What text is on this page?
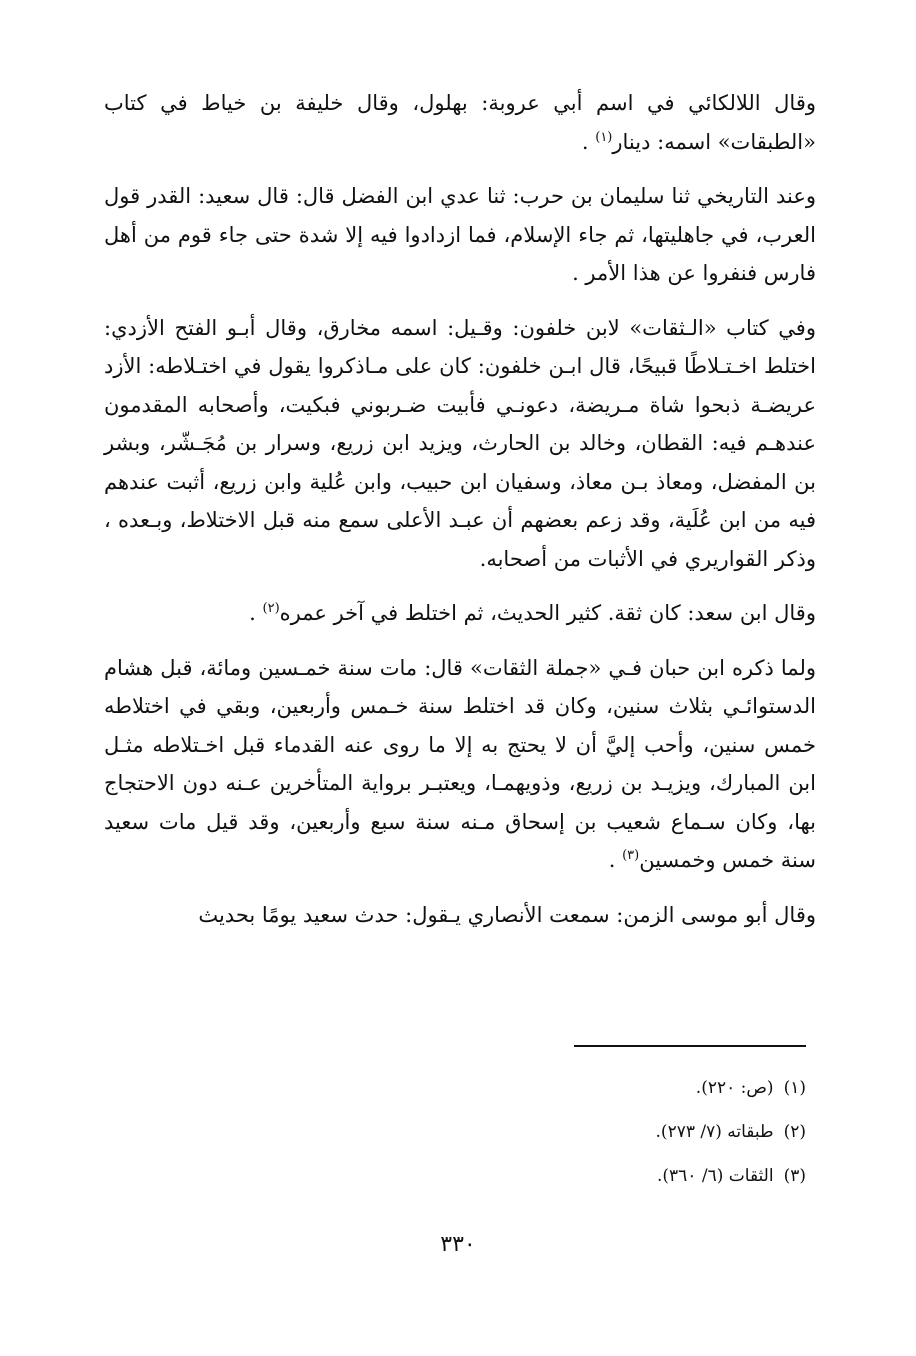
وقال اللالكائي في اسم أبي عروبة: بهلول، وقال خليفة بن خياط في كتاب «الطبقات» اسمه: دينار$^{(١)}$ .

وعند التاريخي ثنا سليمان بن حرب: ثنا عدي ابن الفضل قال: قال سعيد: القدر قول العرب، في جاهليتها، ثم جاء الإسلام، فما ازدادوا فيه إلا شدة حتى جاء قوم من أهل فارس فنفروا عن هذا الأمر .

وفي كتاب «الـثقات» لابن خلفون: وقـيل: اسمه مخارق، وقال أبـو الفتح الأزدي: اختلط اخـتـلاطًا قبيحًا، قال ابـن خلفون: كان على مـاذكروا يقول في اختـلاطه: الأزد عريضـة ذبحوا شاة مـريضة، دعونـي فأبيت ضـربوني فبكيت، وأصحابه المقدمون عندهـم فيه: القطان، وخالد بن الحارث، ويزيد ابن زريع، وسرار بن مُجَـشّر، وبشر بن المفضل، ومعاذ بـن معاذ، وسفيان ابن حبيب، وابن عُلية وابن زريع، أثبت عندهم فيه من ابن عُلَية، وقد زعم بعضهم أن عبـد الأعلى سمع منه قبل الاختلاط، وبـعده ، وذكر القواريري في الأثبات من أصحابه.

وقال ابن سعد: كان ثقة. كثير الحديث، ثم اختلط في آخر عمره$^{(٢)}$ .

ولما ذكره ابن حبان فـي «جملة الثقات» قال: مات سنة خمـسين ومائة، قبل هشام الدستوائـي بثلاث سنين، وكان قد اختلط سنة خـمس وأربعين، وبقي في اختلاطه خمس سنين، وأحب إليَّ أن لا يحتج به إلا ما روى عنه القدماء قبل اخـتلاطه مثـل ابن المبارك، ويزيـد بن زريع، وذويهمـا، ويعتبـر برواية المتأخرين عـنه دون الاحتجاج بها، وكان سـماع شعيب بن إسحاق مـنه سنة سبع وأربعين، وقد قيل مات سعيد سنة خمس وخمسين$^{(٣)}$ .

وقال أبو موسى الزمن: سمعت الأنصاري يـقول: حدث سعيد يومًا بحديث

(١)(ص: ٢٢٠).

(٢)طبقاته (٧/ ٢٧٣).

(٣)الثقات (٦/ ٣٦٠).

٣٣٠
